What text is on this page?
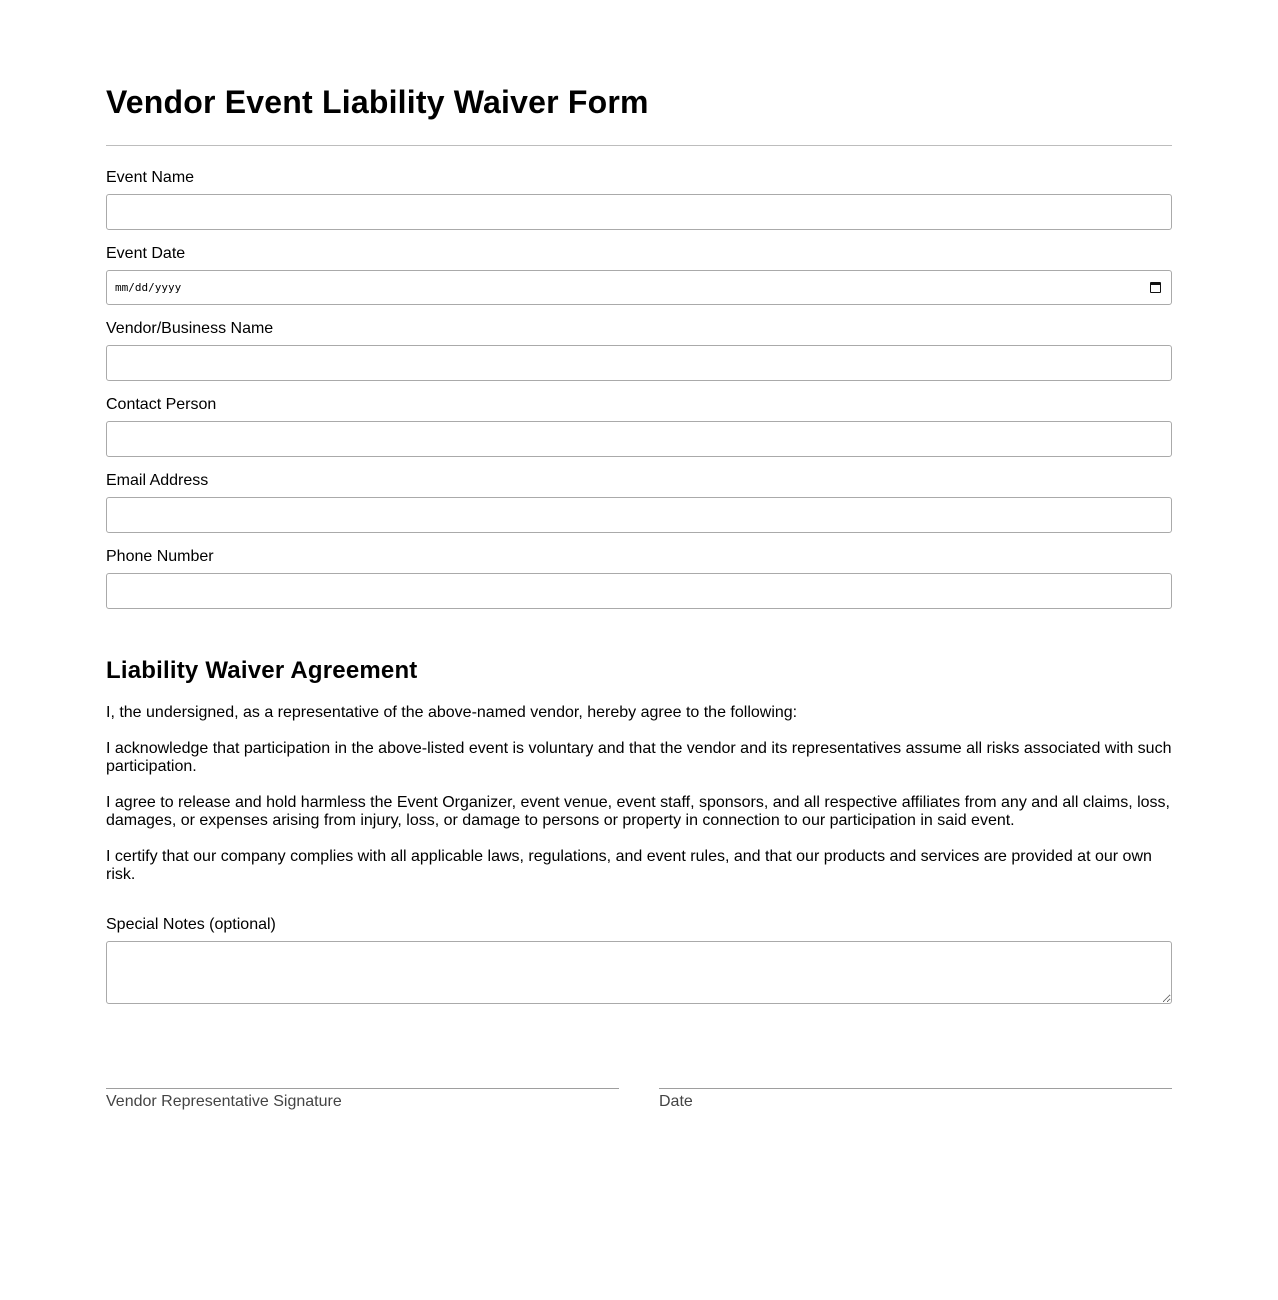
Vendor Event Liability Waiver Form
Event Name
Event Date
mm/dd/yyyy
Vendor/Business Name
Contact Person
Email Address
Phone Number
Liability Waiver Agreement

I, the undersigned, as a representative of the above-named vendor, hereby agree to the following:

I acknowledge that participation in the above-listed event is voluntary and that the vendor and its representatives assume all risks associated with such participation.

I agree to release and hold harmless the Event Organizer, event venue, event staff, sponsors, and all respective affiliates from any and all claims, loss, damages, or expenses arising from injury, loss, or damage to persons or property in connection to our participation in said event.

I certify that our company complies with all applicable laws, regulations, and event rules, and that our products and services are provided at our own risk.

Special Notes (optional)
Vendor Representative Signature	Date
